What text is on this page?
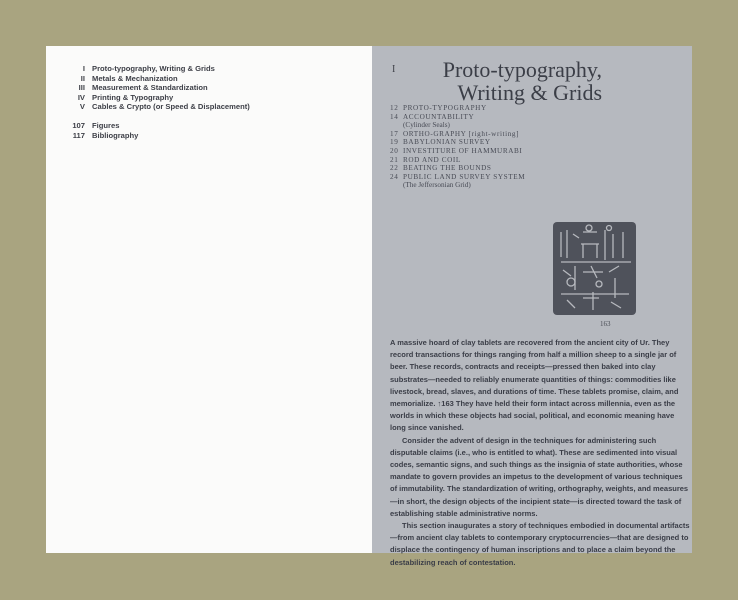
I Proto-typography, Writing & Grids
II Metals & Mechanization
III Measurement & Standardization
IV Printing & Typography
V Cables & Crypto (or Speed & Displacement)
107 Figures
117 Bibliography
I	Proto-typography,
Writing & Grids
12 PROTO-TYPOGRAPHY
14 ACCOUNTABILITY
(Cylinder Seals)
17 ORTHO-GRAPHY [right-writing]
19 BABYLONIAN SURVEY
20 INVESTITURE OF HAMMURABI
21 ROD AND COIL
22 BEATING THE BOUNDS
24 PUBLIC LAND SURVEY SYSTEM
(The Jeffersonian Grid)
163

A massive hoard of clay tablets are recovered from the ancient city of Ur. They record transactions for things ranging from half a million sheep to a single jar of beer. These records, contracts and receipts—pressed then baked into clay substrates—needed to reliably enumerate quantities of things: commodities like livestock, bread, slaves, and durations of time. These tablets promise, claim, and memorialize. ↑163 They have held their form intact across millennia, even as the worlds in which these objects had social, political, and economic meaning have long since vanished.

Consider the advent of design in the techniques for administering such disputable claims (i.e., who is entitled to what). These are sedimented into visual codes, semantic signs, and such things as the insignia of state authorities, whose mandate to govern provides an impetus to the development of various techniques of immutability. The standardization of writing, orthography, weights, and measures—in short, the design objects of the incipient state—is directed toward the task of establishing stable administrative norms.

This section inaugurates a story of techniques embodied in documental artifacts—from ancient clay tablets to contemporary cryptocurrencies—that are designed to displace the contingency of human inscriptions and to place a claim beyond the destabilizing reach of contestation.
